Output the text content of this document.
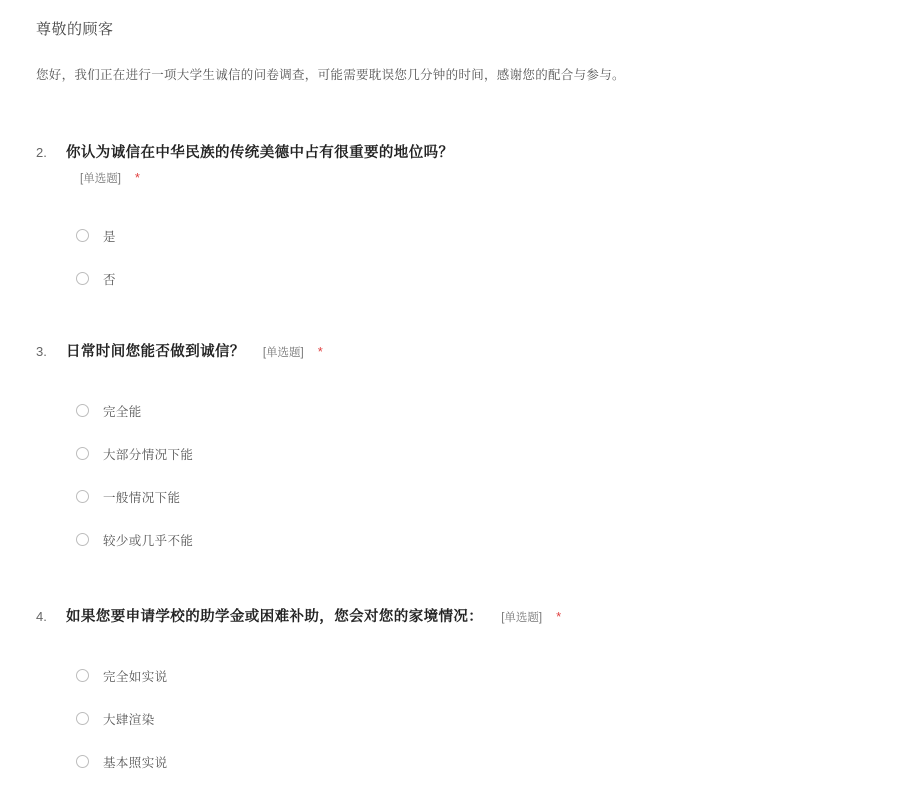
尊敬的顾客
您好，我们正在进行一项大学生诚信的问卷调查，可能需要耽误您几分钟的时间，感谢您的配合与参与。
2.	你认为诚信在中华民族的传统美德中占有很重要的地位吗？
[单选题] *
是
否
3.	日常时间您能否做到诚信？ [单选题] *
完全能
大部分情况下能
一般情况下能
较少或几乎不能
4.	如果您要申请学校的助学金或困难补助，您会对您的家境情况： [单选题] *
完全如实说
大肆渲染
基本照实说
